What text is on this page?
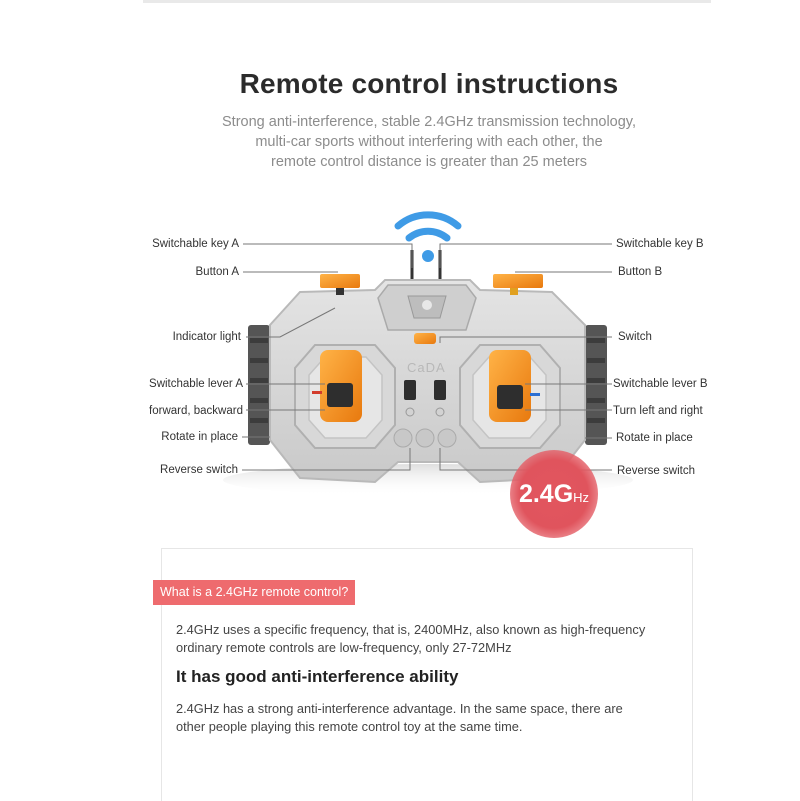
Remote control instructions
Strong anti-interference, stable 2.4GHz transmission technology,
multi-car sports without interfering with each other, the
remote control distance is greater than 25 meters
CaDA
Switchable key A
Button A
Indicator light
Switchable lever A
forward, backward
Rotate in place
Reverse switch
Switchable key B
Button B
Switch
Switchable lever B
Turn left and right
Rotate in place
Reverse switch
2.4GHz
What is a 2.4GHz remote control?
2.4GHz uses a specific frequency, that is, 2400MHz, also known as high-frequency
ordinary remote controls are low-frequency, only 27-72MHz
It has good anti-interference ability
2.4GHz has a strong anti-interference advantage. In the same space, there are
other people playing this remote control toy at the same time.
